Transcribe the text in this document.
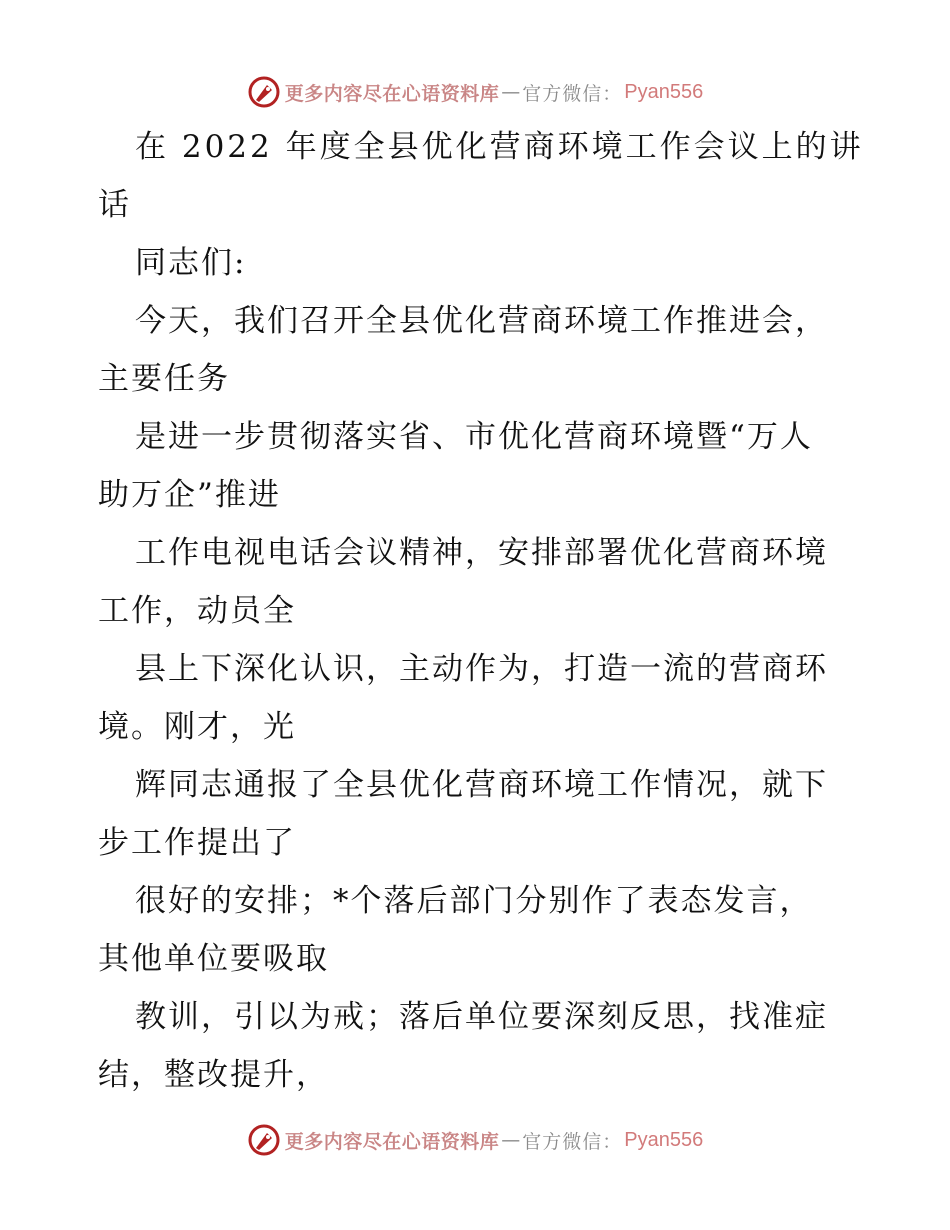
更多内容尽在心语资料库 — 官方微信： Pyan556
在 2022 年度全县优化营商环境工作会议上的讲
话
同志们:
今天，我们召开全县优化营商环境工作推进会，
主要任务
是进一步贯彻落实省、市优化营商环境暨“万人
助万企”推进
工作电视电话会议精神，安排部署优化营商环境
工作，动员全
县上下深化认识，主动作为，打造一流的营商环
境。刚才，光
辉同志通报了全县优化营商环境工作情况，就下
步工作提出了
很好的安排；*个落后部门分别作了表态发言，
其他单位要吸取
教训，引以为戒；落后单位要深刻反思，找准症
结，整改提升，
更多内容尽在心语资料库 — 官方微信： Pyan556
